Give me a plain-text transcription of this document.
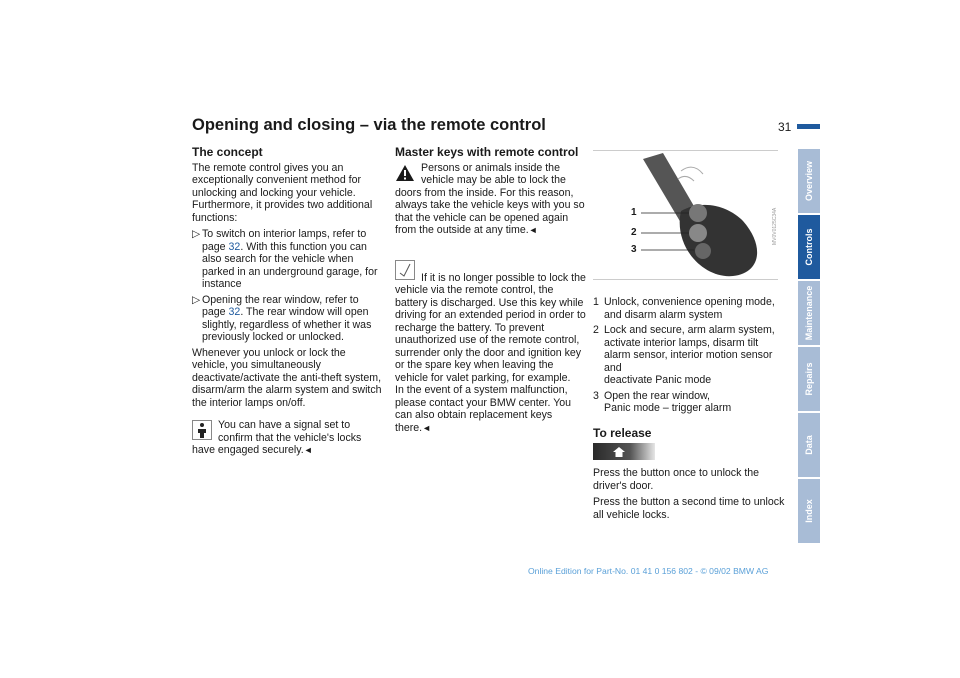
Opening and closing – via the remote control	31
The concept

The remote control gives you an exceptionally convenient method for unlocking and locking your vehicle. Furthermore, it provides two additional functions:

▷ To switch on interior lamps, refer to page 32. With this function you can also search for the vehicle when parked in an underground garage, for instance
▷ Opening the rear window, refer to page 32. The rear window will open slightly, regardless of whether it was previously locked or unlocked.

Whenever you unlock or lock the vehicle, you simultaneously deactivate/activate the anti-theft system, disarm/arm the alarm system and switch the interior lamps on/off.

You can have a signal set to confirm that the vehicle's locks have engaged securely.◄
Master keys with remote control
Persons or animals inside the vehicle may be able to lock the doors from the inside. For this reason, always take the vehicle keys with you so that the vehicle can be opened again from the outside at any time.◄

If it is no longer possible to lock the vehicle via the remote control, the battery is discharged. Use this key while driving for an extended period in order to recharge the battery. To prevent unauthorized use of the remote control, surrender only the door and ignition key or the spare key when leaving the vehicle for valet parking, for example.
In the event of a system malfunction, please contact your BMW center. You can also obtain replacement keys there.◄

1
2
3
MV0V0125C34A
1 Unlock, convenience opening mode, and disarm alarm system
2 Lock and secure, arm alarm system, activate interior lamps, disarm tilt alarm sensor, interior motion sensor and
deactivate Panic mode
3 Open the rear window,
Panic mode – trigger alarm
To release

Press the button once to unlock the driver's door.

Press the button a second time to unlock all vehicle locks.

Overview
Controls
Maintenance
Repairs
Data
Index
Online Edition for Part-No. 01 41 0 156 802 - © 09/02 BMW AG
